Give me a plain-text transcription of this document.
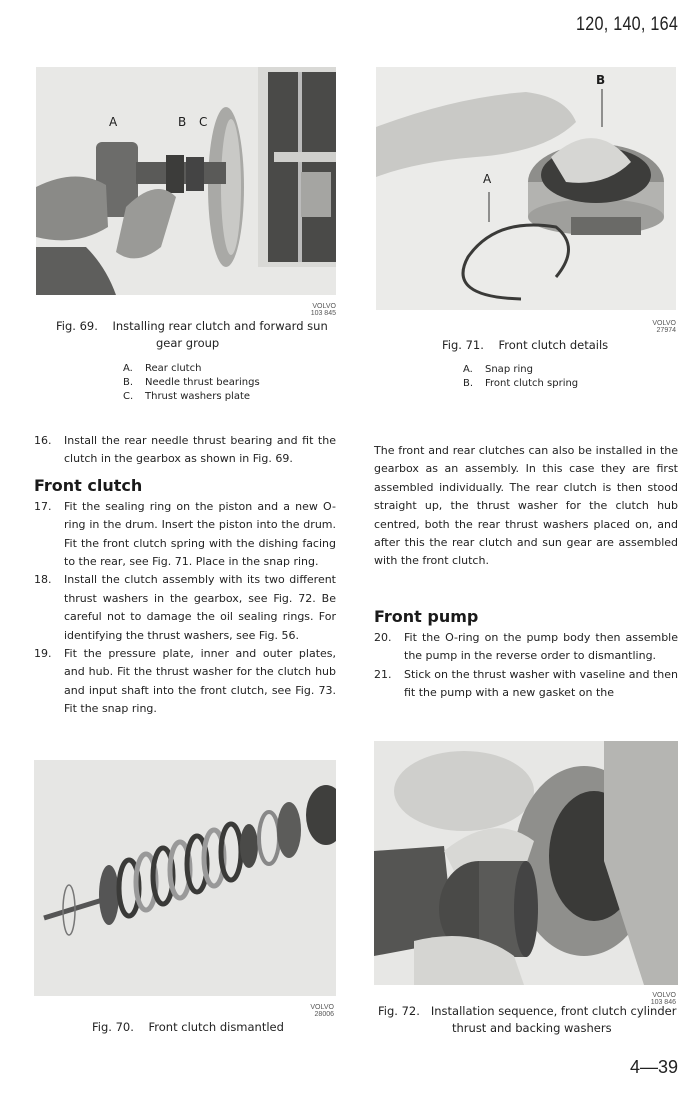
120, 140, 164
A	B C
VOLVO
103 845
Fig. 69. Installing rear clutch and forward sun
gear group
A.	Rear clutch
B.	Needle thrust bearings
C.	Thrust washers plate
A
B
VOLVO
27974
Fig. 71. Front clutch details
A.	Snap ring
B.	Front clutch spring
16.	Install the rear needle thrust bearing and fit the clutch in the gearbox as shown in Fig. 69.
Front clutch
17.	Fit the sealing ring on the piston and a new O-ring in the drum. Insert the piston into the drum. Fit the front clutch spring with the dishing facing to the rear, see Fig. 71. Place in the snap ring.
18.	Install the clutch assembly with its two different thrust washers in the gearbox, see Fig. 72. Be careful not to damage the oil sealing rings. For identifying the thrust washers, see Fig. 56.
19.	Fit the pressure plate, inner and outer plates, and hub. Fit the thrust washer for the clutch hub and input shaft into the front clutch, see Fig. 73. Fit the snap ring.

The front and rear clutches can also be installed in the gearbox as an assembly. In this case they are first assembled individually. The rear clutch is then stood straight up, the thrust washer for the clutch hub centred, both the rear thrust washers placed on, and after this the rear clutch and sun gear are assembled with the front clutch.

Front pump
20.	Fit the O-ring on the pump body then assemble the pump in the reverse order to dismantling.
21.	Stick on the thrust washer with vaseline and then fit the pump with a new gasket on the
VOLVO
28006
Fig. 70. Front clutch dismantled
VOLVO
103 846
Fig. 72. Installation sequence, front clutch cylinder
thrust and backing washers
4—39
